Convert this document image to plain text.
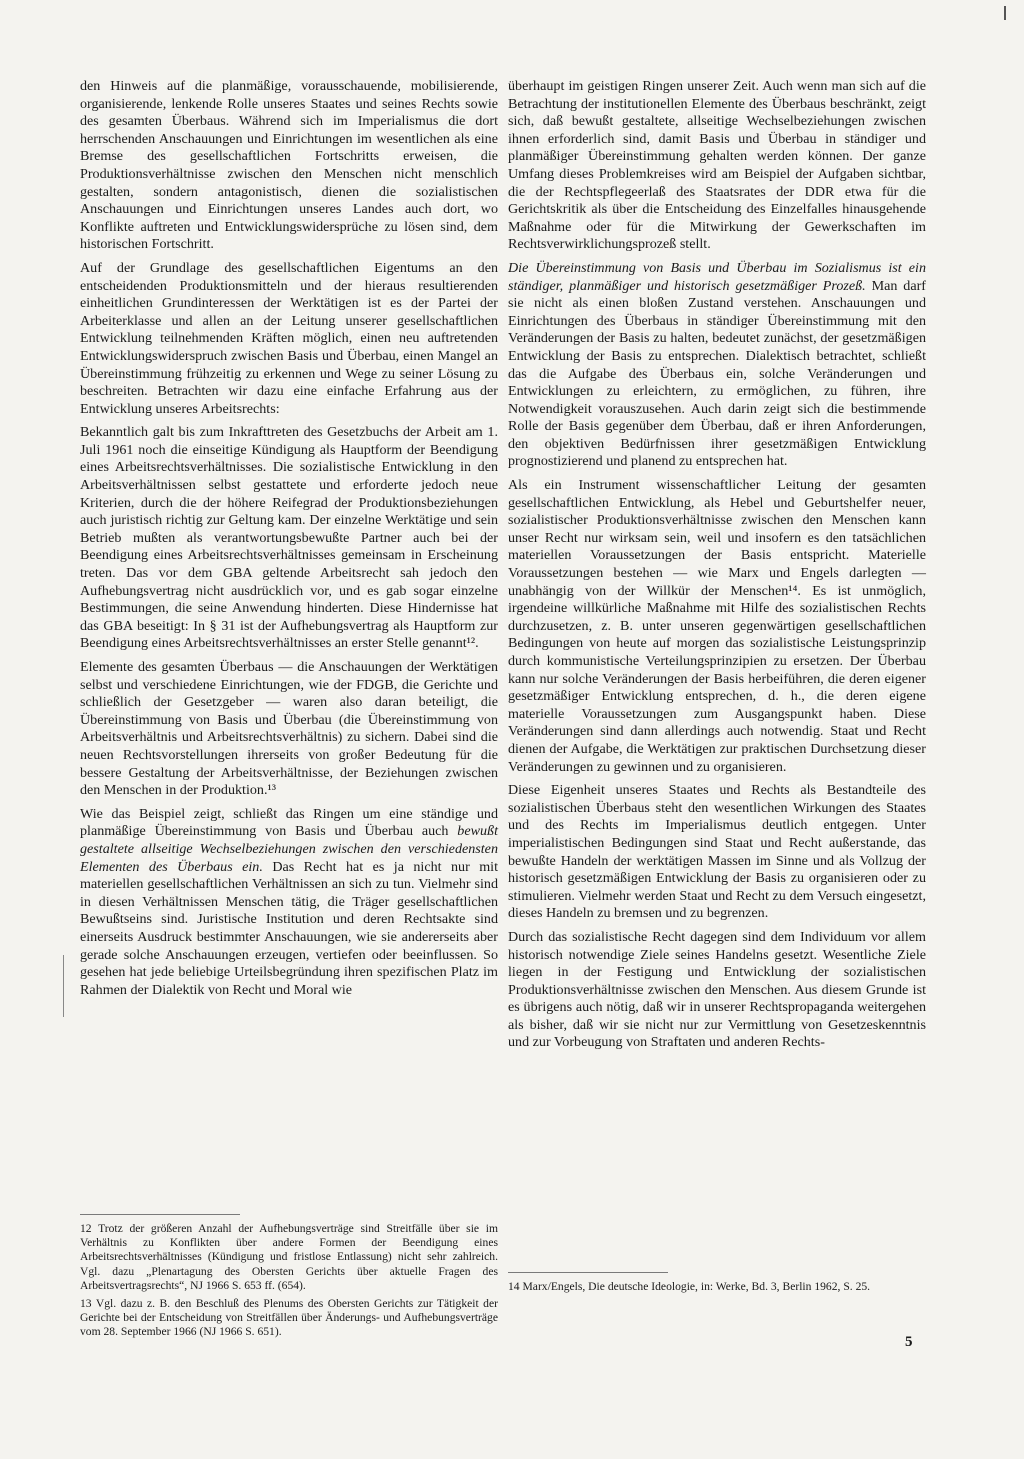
den Hinweis auf die planmäßige, vorausschauende, mobilisierende, organisierende, lenkende Rolle unseres Staates und seines Rechts sowie des gesamten Überbaus. Während sich im Imperialismus die dort herrschenden Anschauungen und Einrichtungen im wesentlichen als eine Bremse des gesellschaftlichen Fortschritts erweisen, die Produktionsverhältnisse zwischen den Menschen nicht menschlich gestalten, sondern antagonistisch, dienen die sozialistischen Anschauungen und Einrichtungen unseres Landes auch dort, wo Konflikte auftreten und Entwicklungswidersprüche zu lösen sind, dem historischen Fortschritt.

Auf der Grundlage des gesellschaftlichen Eigentums an den entscheidenden Produktionsmitteln und der hieraus resultierenden einheitlichen Grundinteressen der Werktätigen ist es der Partei der Arbeiterklasse und allen an der Leitung unserer gesellschaftlichen Entwicklung teilnehmenden Kräften möglich, einen neu auftretenden Entwicklungswiderspruch zwischen Basis und Überbau, einen Mangel an Übereinstimmung frühzeitig zu erkennen und Wege zu seiner Lösung zu beschreiten. Betrachten wir dazu eine einfache Erfahrung aus der Entwicklung unseres Arbeitsrechts:

Bekanntlich galt bis zum Inkrafttreten des Gesetzbuchs der Arbeit am 1. Juli 1961 noch die einseitige Kündigung als Hauptform der Beendigung eines Arbeitsrechtsverhältnisses. Die sozialistische Entwicklung in den Arbeitsverhältnissen selbst gestattete und erforderte jedoch neue Kriterien, durch die der höhere Reifegrad der Produktionsbeziehungen auch juristisch richtig zur Geltung kam. Der einzelne Werktätige und sein Betrieb mußten als verantwortungsbewußte Partner auch bei der Beendigung eines Arbeitsrechtsverhältnisses gemeinsam in Erscheinung treten. Das vor dem GBA geltende Arbeitsrecht sah jedoch den Aufhebungsvertrag nicht ausdrücklich vor, und es gab sogar einzelne Bestimmungen, die seine Anwendung hinderten. Diese Hindernisse hat das GBA beseitigt: In § 31 ist der Aufhebungsvertrag als Hauptform zur Beendigung eines Arbeitsrechtsverhältnisses an erster Stelle genannt¹².

Elemente des gesamten Überbaus — die Anschauungen der Werktätigen selbst und verschiedene Einrichtungen, wie der FDGB, die Gerichte und schließlich der Gesetzgeber — waren also daran beteiligt, die Übereinstimmung von Basis und Überbau (die Übereinstimmung von Arbeitsverhältnis und Arbeitsrechtsverhältnis) zu sichern. Dabei sind die neuen Rechtsvorstellungen ihrerseits von großer Bedeutung für die bessere Gestaltung der Arbeitsverhältnisse, der Beziehungen zwischen den Menschen in der Produktion.¹³

Wie das Beispiel zeigt, schließt das Ringen um eine ständige und planmäßige Übereinstimmung von Basis und Überbau auch bewußt gestaltete allseitige Wechselbeziehungen zwischen den verschiedensten Elementen des Überbaus ein. Das Recht hat es ja nicht nur mit materiellen gesellschaftlichen Verhältnissen an sich zu tun. Vielmehr sind in diesen Verhältnissen Menschen tätig, die Träger gesellschaftlichen Bewußtseins sind. Juristische Institution und deren Rechtsakte sind einerseits Ausdruck bestimmter Anschauungen, wie sie andererseits aber gerade solche Anschauungen erzeugen, vertiefen oder beeinflussen. So gesehen hat jede beliebige Urteilsbegründung ihren spezifischen Platz im Rahmen der Dialektik von Recht und Moral wie

12 Trotz der größeren Anzahl der Aufhebungsverträge sind Streitfälle über sie im Verhältnis zu Konflikten über andere Formen der Beendigung eines Arbeitsrechtsverhältnisses (Kündigung und fristlose Entlassung) nicht sehr zahlreich. Vgl. dazu „Plenartagung des Obersten Gerichts über aktuelle Fragen des Arbeitsvertragsrechts“, NJ 1966 S. 653 ff. (654).

13 Vgl. dazu z. B. den Beschluß des Plenums des Obersten Gerichts zur Tätigkeit der Gerichte bei der Entscheidung von Streitfällen über Änderungs- und Aufhebungsverträge vom 28. September 1966 (NJ 1966 S. 651).

überhaupt im geistigen Ringen unserer Zeit. Auch wenn man sich auf die Betrachtung der institutionellen Elemente des Überbaus beschränkt, zeigt sich, daß bewußt gestaltete, allseitige Wechselbeziehungen zwischen ihnen erforderlich sind, damit Basis und Überbau in ständiger und planmäßiger Übereinstimmung gehalten werden können. Der ganze Umfang dieses Problemkreises wird am Beispiel der Aufgaben sichtbar, die der Rechtspflegeerlaß des Staatsrates der DDR etwa für die Gerichtskritik als über die Entscheidung des Einzelfalles hinausgehende Maßnahme oder für die Mitwirkung der Gewerkschaften im Rechtsverwirklichungsprozeß stellt.

Die Übereinstimmung von Basis und Überbau im Sozialismus ist ein ständiger, planmäßiger und historisch gesetzmäßiger Prozeß. Man darf sie nicht als einen bloßen Zustand verstehen. Anschauungen und Einrichtungen des Überbaus in ständiger Übereinstimmung mit den Veränderungen der Basis zu halten, bedeutet zunächst, der gesetzmäßigen Entwicklung der Basis zu entsprechen. Dialektisch betrachtet, schließt das die Aufgabe des Überbaus ein, solche Veränderungen und Entwicklungen zu erleichtern, zu ermöglichen, zu führen, ihre Notwendigkeit vorauszusehen. Auch darin zeigt sich die bestimmende Rolle der Basis gegenüber dem Überbau, daß er ihren Anforderungen, den objektiven Bedürfnissen ihrer gesetzmäßigen Entwicklung prognostizierend und planend zu entsprechen hat.

Als ein Instrument wissenschaftlicher Leitung der gesamten gesellschaftlichen Entwicklung, als Hebel und Geburtshelfer neuer, sozialistischer Produktionsverhältnisse zwischen den Menschen kann unser Recht nur wirksam sein, weil und insofern es den tatsächlichen materiellen Voraussetzungen der Basis entspricht. Materielle Voraussetzungen bestehen — wie Marx und Engels darlegten — unabhängig von der Willkür der Menschen¹⁴. Es ist unmöglich, irgendeine willkürliche Maßnahme mit Hilfe des sozialistischen Rechts durchzusetzen, z. B. unter unseren gegenwärtigen gesellschaftlichen Bedingungen von heute auf morgen das sozialistische Leistungsprinzip durch kommunistische Verteilungsprinzipien zu ersetzen. Der Überbau kann nur solche Veränderungen der Basis herbeiführen, die deren eigener gesetzmäßiger Entwicklung entsprechen, d. h., die deren eigene materielle Voraussetzungen zum Ausgangspunkt haben. Diese Veränderungen sind dann allerdings auch notwendig. Staat und Recht dienen der Aufgabe, die Werktätigen zur praktischen Durchsetzung dieser Veränderungen zu gewinnen und zu organisieren.

Diese Eigenheit unseres Staates und Rechts als Bestandteile des sozialistischen Überbaus steht den wesentlichen Wirkungen des Staates und des Rechts im Imperialismus deutlich entgegen. Unter imperialistischen Bedingungen sind Staat und Recht außerstande, das bewußte Handeln der werktätigen Massen im Sinne und als Vollzug der historisch gesetzmäßigen Entwicklung der Basis zu organisieren oder zu stimulieren. Vielmehr werden Staat und Recht zu dem Versuch eingesetzt, dieses Handeln zu bremsen und zu begrenzen.

Durch das sozialistische Recht dagegen sind dem Individuum vor allem historisch notwendige Ziele seines Handelns gesetzt. Wesentliche Ziele liegen in der Festigung und Entwicklung der sozialistischen Produktionsverhältnisse zwischen den Menschen. Aus diesem Grunde ist es übrigens auch nötig, daß wir in unserer Rechtspropaganda weitergehen als bisher, daß wir sie nicht nur zur Vermittlung von Gesetzeskenntnis und zur Vorbeugung von Straftaten und anderen Rechts-

14 Marx/Engels, Die deutsche Ideologie, in: Werke, Bd. 3, Berlin 1962, S. 25.

5
